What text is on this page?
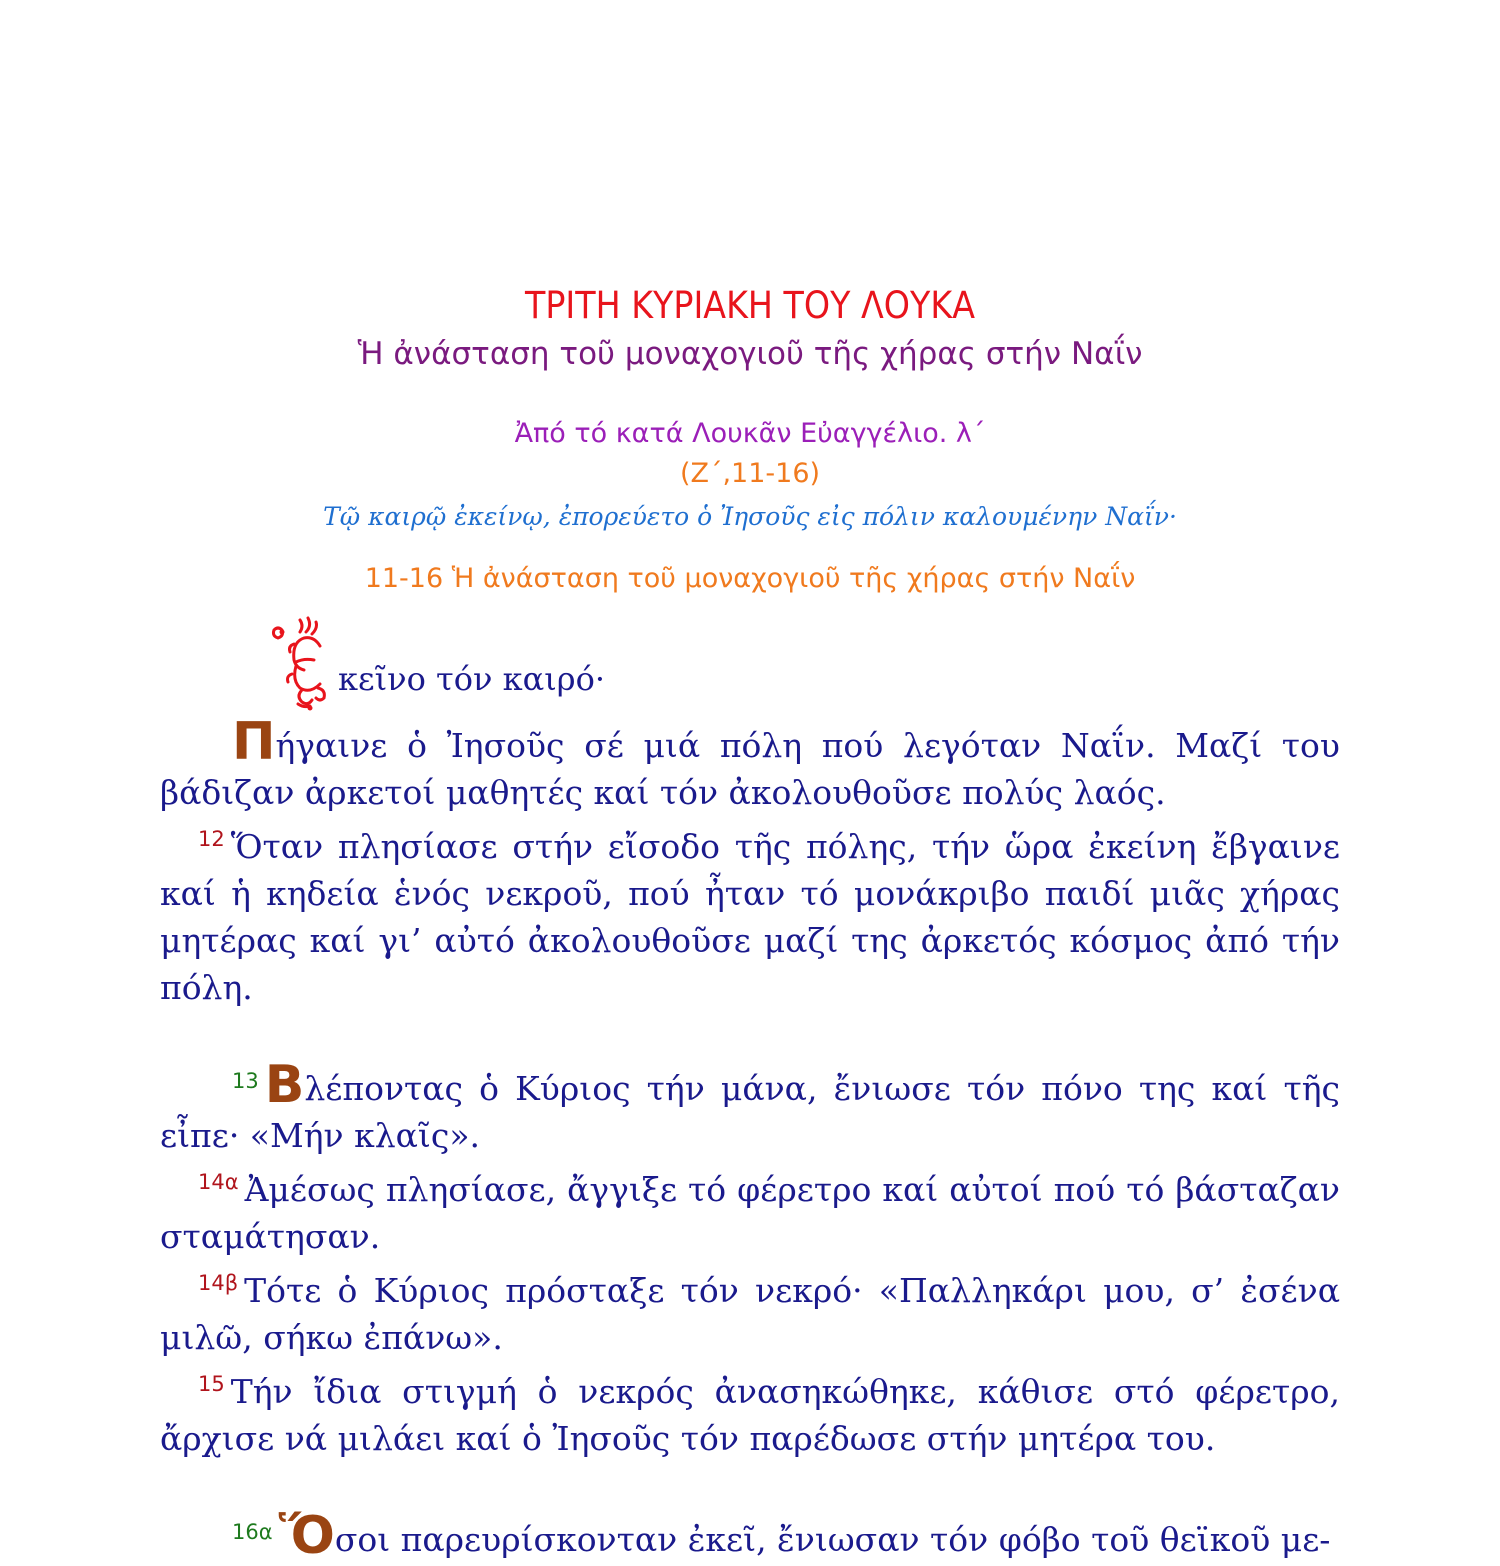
ΤΡΙΤΗ ΚΥΡΙΑΚΗ ΤΟΥ ΛΟΥΚΑ
Ἡ ἀνάσταση τοῦ μοναχογιοῦ τῆς χήρας στήν Ναΐν
Ἀπό τό κατά Λουκᾶν Εὐαγγέλιο. λ΄
(Ζ΄,11-16)
Τῷ καιρῷ ἐκείνῳ, ἐπορεύετο ὁ Ἰησοῦς εἰς πόλιν καλουμένην Ναΐν·
11-16 Ἡ ἀνάσταση τοῦ μοναχογιοῦ τῆς χήρας στήν Ναΐν
κεῖνο τόν καιρό·

Πήγαινε ὁ Ἰησοῦς σέ μιά πόλη πού λεγόταν Ναΐν. Μαζί του βάδιζαν ἀρκετοί μαθητές καί τόν ἀκολουθοῦσε πολύς λαός.

$^{12}$ Ὅταν πλησίασε στήν εἴσοδο τῆς πόλης, τήν ὥρα ἐκείνη ἔβγαινε καί ἡ κηδεία ἑνός νεκροῦ, πού ἦταν τό μονάκριβο παιδί μιᾶς χήρας μητέρας καί γι’ αὐτό ἀκολουθοῦσε μαζί της ἀρκετός κόσμος ἀπό τήν πόλη.

$^{13}$ Βλέποντας ὁ Κύριος τήν μάνα, ἔνιωσε τόν πόνο της καί τῆς εἶπε· «Μήν κλαῖς».

$^{14\alpha}$ Ἀμέσως πλησίασε, ἄγγιξε τό φέρετρο καί αὐτοί πού τό βάσταζαν σταμάτησαν.

$^{14\beta}$ Τότε ὁ Κύριος πρόσταξε τόν νεκρό· «Παλληκάρι μου, σ’ ἐσένα μιλῶ, σήκω ἐπάνω».

$^{15}$ Τήν ἴδια στιγμή ὁ νεκρός ἀνασηκώθηκε, κάθισε στό φέρετρο, ἄρχισε νά μιλάει καί ὁ Ἰησοῦς τόν παρέδωσε στήν μητέρα του.

$^{16\alpha}$ Ὅσοι παρευρίσκονταν ἐκεῖ, ἔνιωσαν τόν φόβο τοῦ θεϊκοῦ με-
